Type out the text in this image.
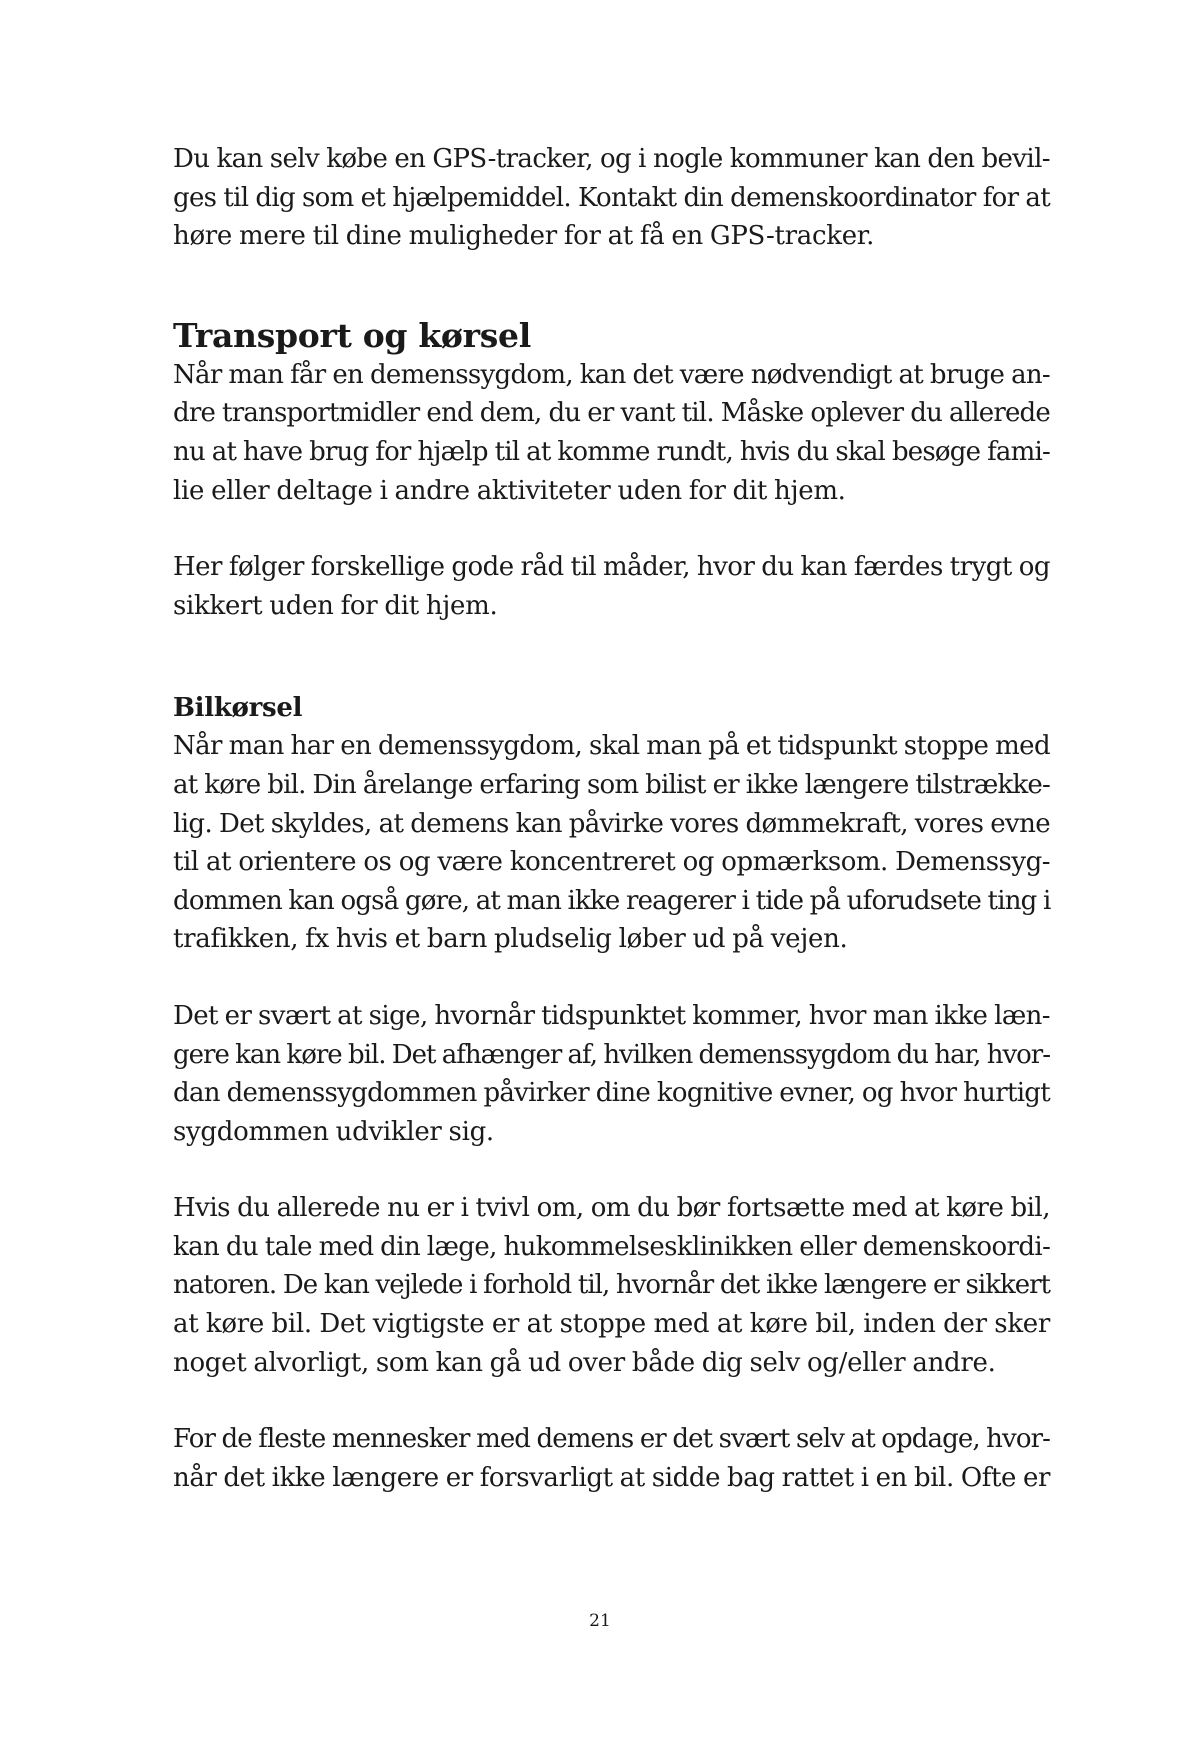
Du kan selv købe en GPS-tracker, og i nogle kommuner kan den bevil-
ges til dig som et hjælpemiddel. Kontakt din demenskoordinator for at
høre mere til dine muligheder for at få en GPS-tracker.
Transport og kørsel
Når man får en demenssygdom, kan det være nødvendigt at bruge an-
dre transportmidler end dem, du er vant til. Måske oplever du allerede
nu at have brug for hjælp til at komme rundt, hvis du skal besøge fami-
lie eller deltage i andre aktiviteter uden for dit hjem.
Her følger forskellige gode råd til måder, hvor du kan færdes trygt og
sikkert uden for dit hjem.
Bilkørsel
Når man har en demenssygdom, skal man på et tidspunkt stoppe med
at køre bil. Din årelange erfaring som bilist er ikke længere tilstrække-
lig. Det skyldes, at demens kan påvirke vores dømmekraft, vores evne
til at orientere os og være koncentreret og opmærksom. Demenssyg-
dommen kan også gøre, at man ikke reagerer i tide på uforudsete ting i
trafikken, fx hvis et barn pludselig løber ud på vejen.
Det er svært at sige, hvornår tidspunktet kommer, hvor man ikke læn-
gere kan køre bil. Det afhænger af, hvilken demenssygdom du har, hvor-
dan demenssygdommen påvirker dine kognitive evner, og hvor hurtigt
sygdommen udvikler sig.
Hvis du allerede nu er i tvivl om, om du bør fortsætte med at køre bil,
kan du tale med din læge, hukommelsesklinikken eller demenskoordi-
natoren. De kan vejlede i forhold til, hvornår det ikke længere er sikkert
at køre bil. Det vigtigste er at stoppe med at køre bil, inden der sker
noget alvorligt, som kan gå ud over både dig selv og/eller andre.
For de fleste mennesker med demens er det svært selv at opdage, hvor-
når det ikke længere er forsvarligt at sidde bag rattet i en bil. Ofte er
21
